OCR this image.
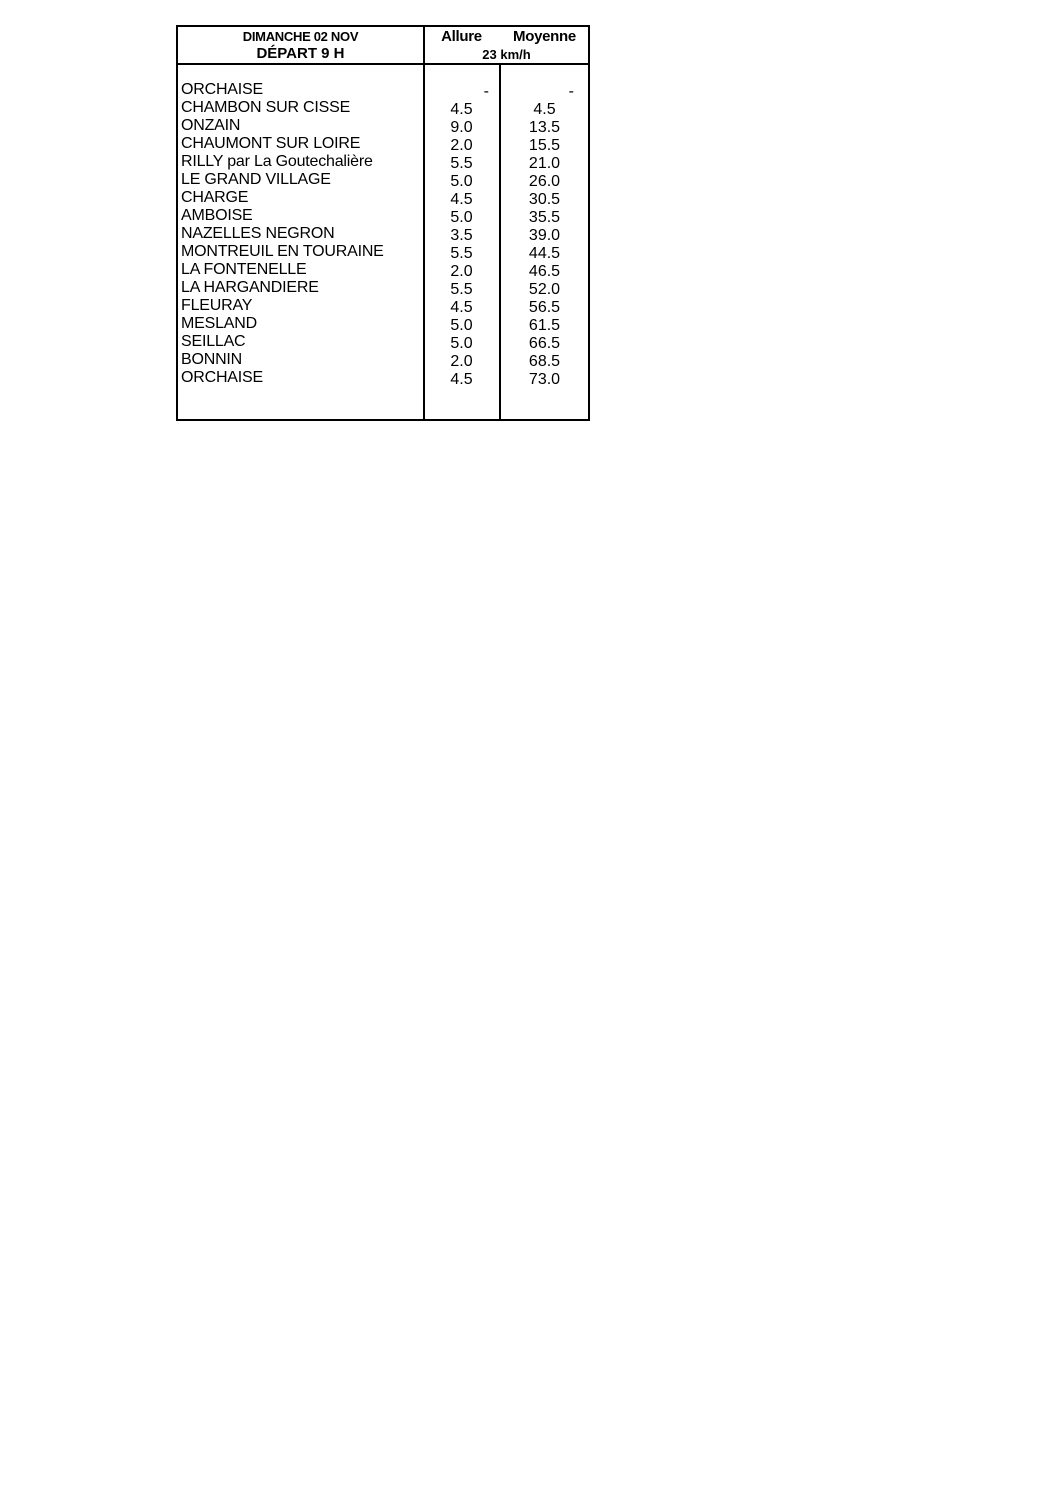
DIMANCHE 02 NOV
DÉPART 9 H
Allure	Moyenne
23 km/h
ORCHAISE	-	-
CHAMBON SUR CISSE	4.5	4.5
ONZAIN	9.0	13.5
CHAUMONT SUR LOIRE	2.0	15.5
RILLY par La Goutechalière	5.5	21.0
LE GRAND VILLAGE	5.0	26.0
CHARGE	4.5	30.5
AMBOISE	5.0	35.5
NAZELLES NEGRON	3.5	39.0
MONTREUIL EN TOURAINE	5.5	44.5
LA FONTENELLE	2.0	46.5
LA HARGANDIERE	5.5	52.0
FLEURAY	4.5	56.5
MESLAND	5.0	61.5
SEILLAC	5.0	66.5
BONNIN	2.0	68.5
ORCHAISE	4.5	73.0
